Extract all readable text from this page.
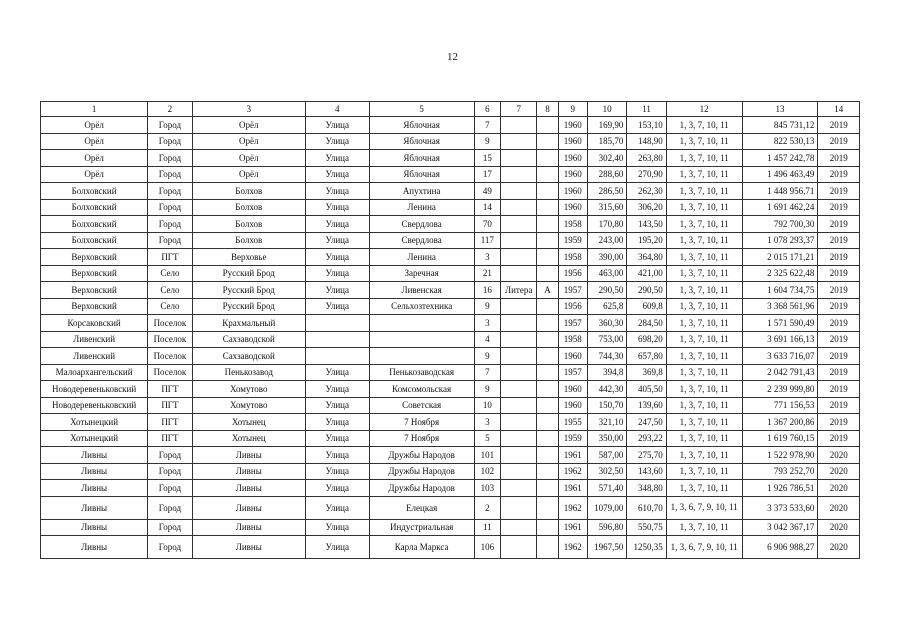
12
1	2	3	4	5	6	7	8	9	10	11	12	13	14
Орёл	Город	Орёл	Улица	Яблочная	7			1960	169,90	153,10	1, 3, 7, 10, 11	845 731,12	2019
Орёл	Город	Орёл	Улица	Яблочная	9			1960	185,70	148,90	1, 3, 7, 10, 11	822 530,13	2019
Орёл	Город	Орёл	Улица	Яблочная	15			1960	302,40	263,80	1, 3, 7, 10, 11	1 457 242,78	2019
Орёл	Город	Орёл	Улица	Яблочная	17			1960	288,60	270,90	1, 3, 7, 10, 11	1 496 463,49	2019
Болховский	Город	Болхов	Улица	Апухтина	49			1960	286,50	262,30	1, 3, 7, 10, 11	1 448 956,71	2019
Болховский	Город	Болхов	Улица	Ленина	14			1960	315,60	306,20	1, 3, 7, 10, 11	1 691 462,24	2019
Болховский	Город	Болхов	Улица	Свердлова	70			1958	170,80	143,50	1, 3, 7, 10, 11	792 700,30	2019
Болховский	Город	Болхов	Улица	Свердлова	117			1959	243,00	195,20	1, 3, 7, 10, 11	1 078 293,37	2019
Верховский	ПГТ	Верховье	Улица	Ленина	3			1958	390,00	364,80	1, 3, 7, 10, 11	2 015 171,21	2019
Верховский	Село	Русский Брод	Улица	Заречная	21			1956	463,00	421,00	1, 3, 7, 10, 11	2 325 622,48	2019
Верховский	Село	Русский Брод	Улица	Ливенская	16	Литера	А	1957	290,50	290,50	1, 3, 7, 10, 11	1 604 734,75	2019
Верховский	Село	Русский Брод	Улица	Сельхозтехника	9			1956	625,8	609,8	1, 3, 7, 10, 11	3 368 561,96	2019
Корсаковский	Поселок	Крахмальный			3			1957	360,30	284,50	1, 3, 7, 10, 11	1 571 590,49	2019
Ливенский	Поселок	Сахзаводской			4			1958	753,00	698,20	1, 3, 7, 10, 11	3 691 166,13	2019
Ливенский	Поселок	Сахзаводской			9			1960	744,30	657,80	1, 3, 7, 10, 11	3 633 716,07	2019
Малоархангельский	Поселок	Пенькозавод	Улица	Пенькозаводская	7			1957	394,8	369,8	1, 3, 7, 10, 11	2 042 791,43	2019
Новодеревеньковский	ПГТ	Хомутово	Улица	Комсомольская	9			1960	442,30	405,50	1, 3, 7, 10, 11	2 239 999,80	2019
Новодеревеньковский	ПГТ	Хомутово	Улица	Советская	10			1960	150,70	139,60	1, 3, 7, 10, 11	771 156,53	2019
Хотынецкий	ПГТ	Хотынец	Улица	7 Ноября	3			1955	321,10	247,50	1, 3, 7, 10, 11	1 367 200,86	2019
Хотынецкий	ПГТ	Хотынец	Улица	7 Ноября	5			1959	350,00	293,22	1, 3, 7, 10, 11	1 619 760,15	2019
Ливны	Город	Ливны	Улица	Дружбы Народов	101			1961	587,00	275,70	1, 3, 7, 10, 11	1 522 978,90	2020
Ливны	Город	Ливны	Улица	Дружбы Народов	102			1962	302,50	143,60	1, 3, 7, 10, 11	793 252,70	2020
Ливны	Город	Ливны	Улица	Дружбы Народов	103			1961	571,40	348,80	1, 3, 7, 10, 11	1 926 786,51	2020
Ливны	Город	Ливны	Улица	Елецкая	2			1962	1079,00	610,70	1, 3, 6, 7, 9, 10, 11	3 373 533,60	2020
Ливны	Город	Ливны	Улица	Индустриальная	11			1961	596,80	550,75	1, 3, 7, 10, 11	3 042 367,17	2020
Ливны	Город	Ливны	Улица	Карла Маркса	106			1962	1967,50	1250,35	1, 3, 6, 7, 9, 10, 11	6 906 988,27	2020
